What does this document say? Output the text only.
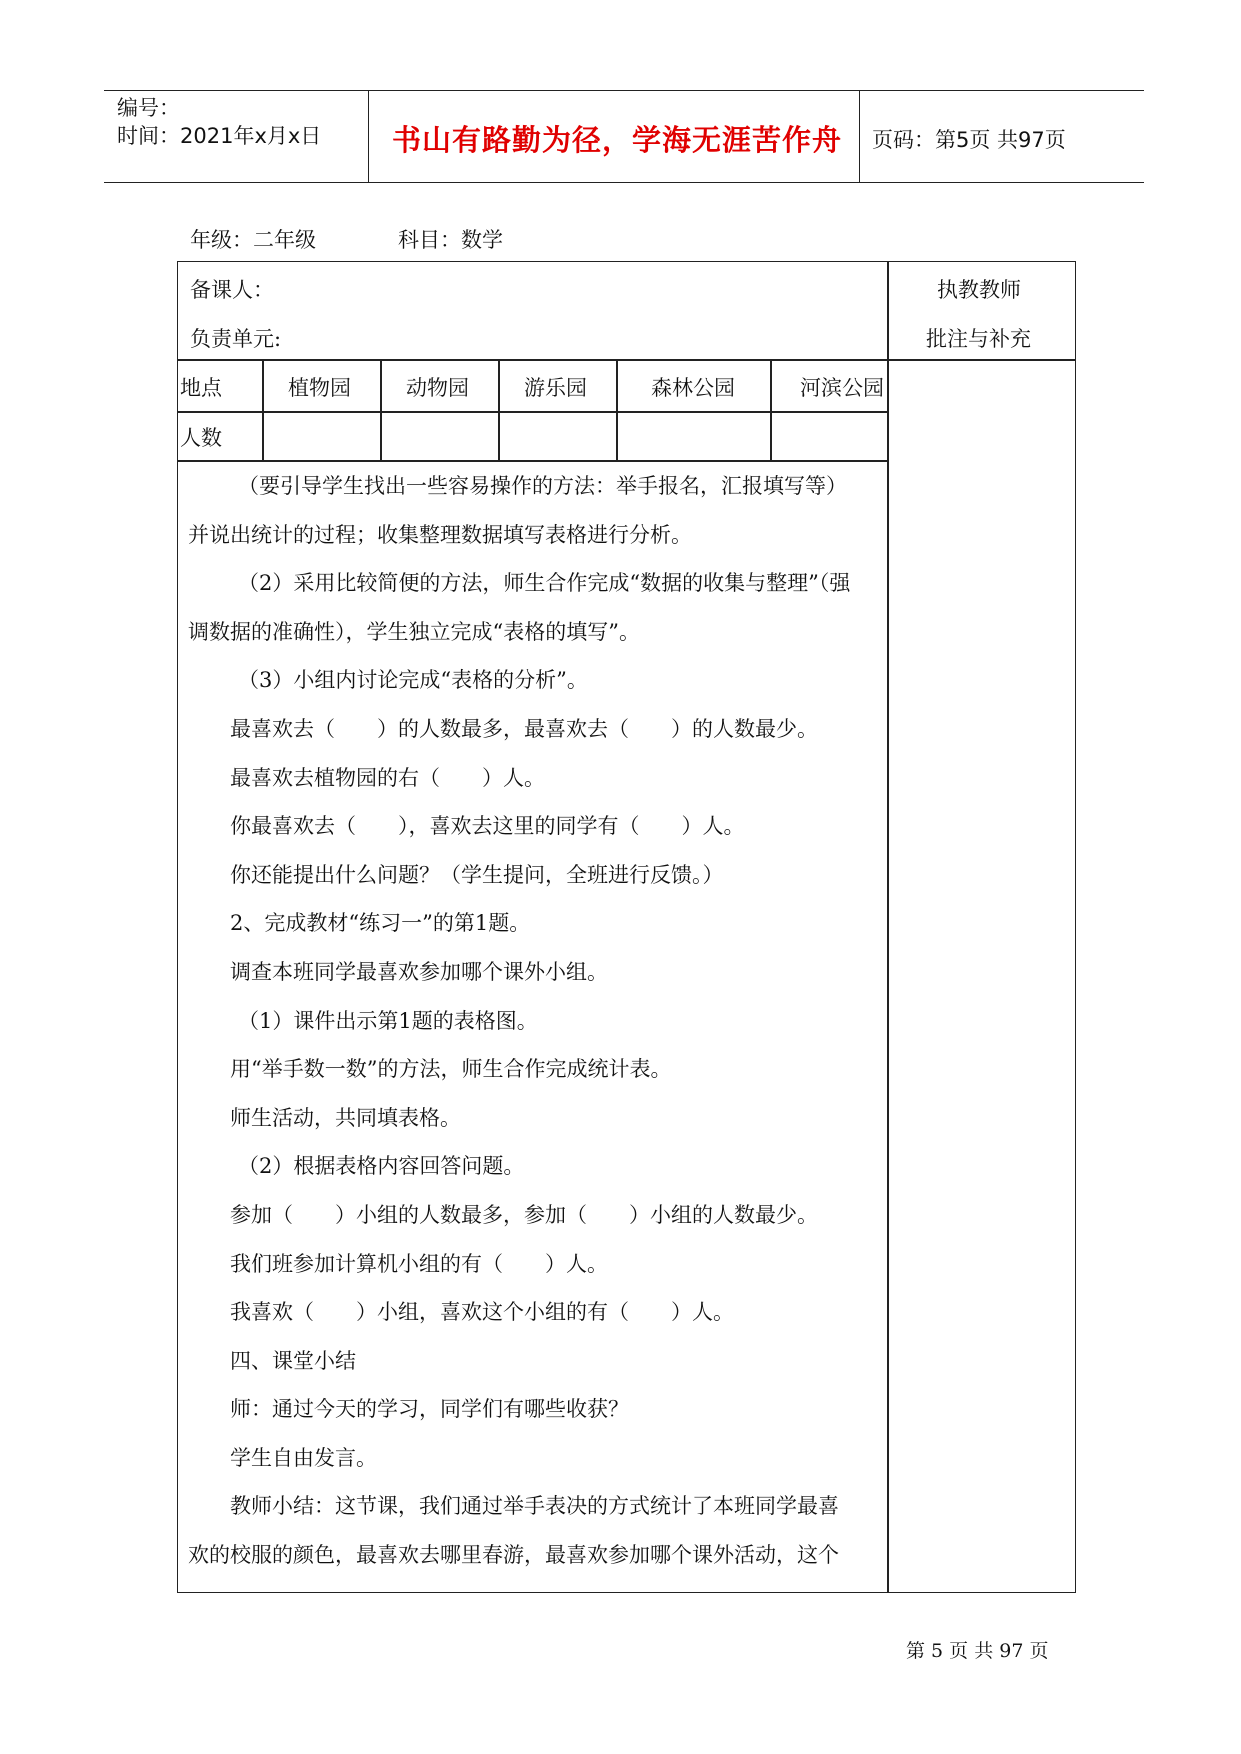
编号：
时间：2021年x月x日 书山有路勤为径，学海无涯苦作舟 页码：第5页 共97页
年级：二年级	科目：数学
备课人：
负责单元:
执教教师
批注与补充
地点	植物园	动物园	游乐园	森林公园	河滨公园
人数

（要引导学生找出一些容易操作的方法：举手报名，汇报填写等）

并说出统计的过程；收集整理数据填写表格进行分析。

（2）采用比较简便的方法，师生合作完成“数据的收集与整理”（强

调数据的准确性），学生独立完成“表格的填写”。

（3）小组内讨论完成“表格的分析”。

最喜欢去（　　）的人数最多，最喜欢去（　　）的人数最少。

最喜欢去植物园的右（　　）人。

你最喜欢去（　　），喜欢去这里的同学有（　　）人。

你还能提出什么问题？（学生提问，全班进行反馈。）

2、完成教材“练习一”的第1题。

调查本班同学最喜欢参加哪个课外小组。

（1）课件出示第1题的表格图。

用“举手数一数”的方法，师生合作完成统计表。

师生活动，共同填表格。

（2）根据表格内容回答问题。

参加（　　）小组的人数最多，参加（　　）小组的人数最少。

我们班参加计算机小组的有（　　）人。

我喜欢（　　）小组，喜欢这个小组的有（　　）人。

四、课堂小结

师：通过今天的学习，同学们有哪些收获？

学生自由发言。

教师小结：这节课，我们通过举手表决的方式统计了本班同学最喜

欢的校服的颜色，最喜欢去哪里春游，最喜欢参加哪个课外活动，这个

第 5 页 共 97 页
